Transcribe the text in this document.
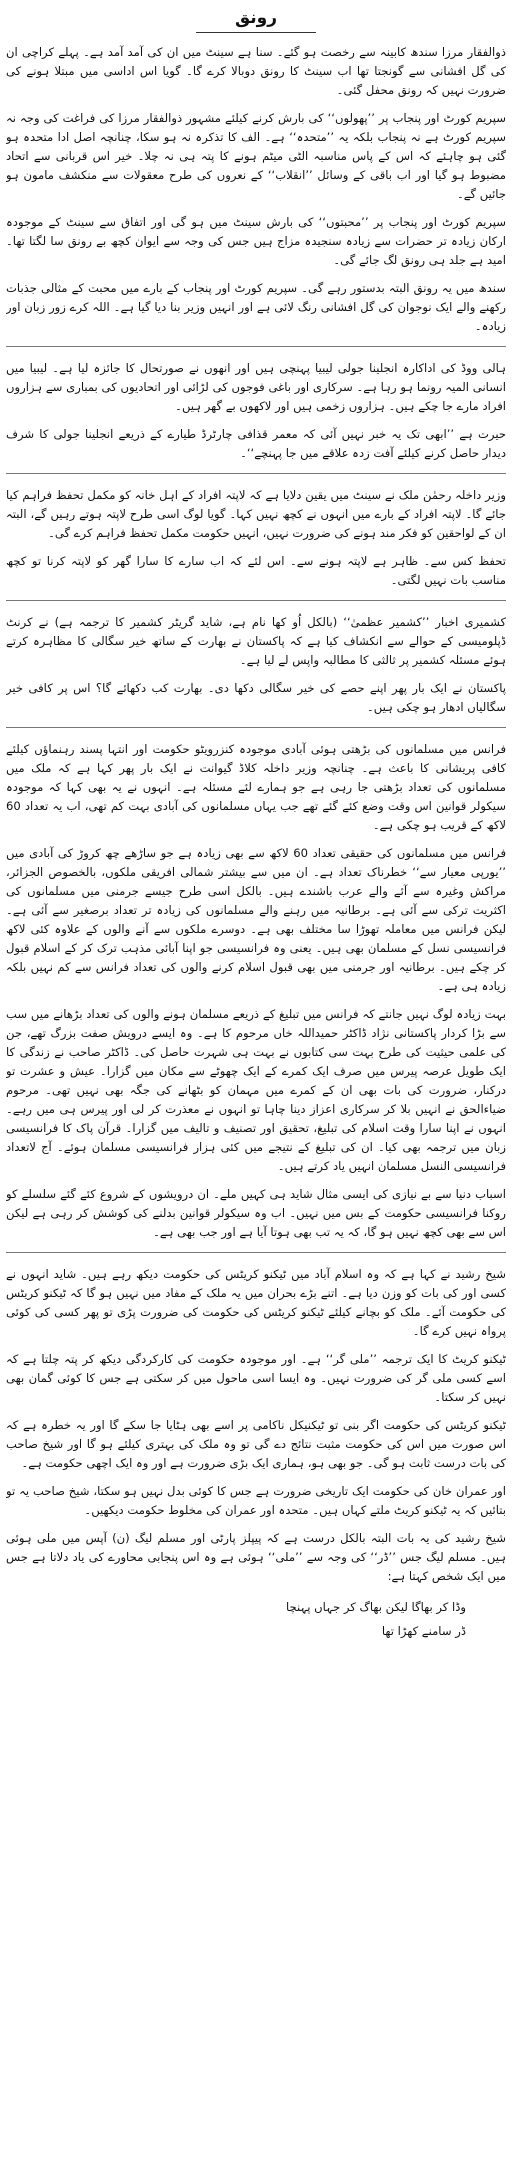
رونق

ذوالفقار مرزا سندھ کابینہ سے رخصت ہو گئے۔ سنا ہے سینٹ میں ان کی آمد آمد ہے۔ پہلے کراچی ان کی گل افشانی سے گونجتا تھا اب سینٹ کا رونق دوبالا کرے گا۔ گویا اس اداسی میں مبتلا ہونے کی ضرورت نہیں کہ رونق محفل گئی۔

سپریم کورٹ اور پنجاب پر ’’پھولوں‘‘ کی بارش کرنے کیلئے مشہور ذوالفقار مرزا کی فراغت کی وجہ نہ سپریم کورٹ ہے نہ پنجاب بلکہ یہ ’’متحدہ‘‘ ہے۔ الف کا تذکرہ نہ ہو سکا، چنانچہ اصل ادا متحدہ ہو گئی ہو چاہئے کہ اس کے پاس مناسبہ الٹی میٹم ہونے کا پتہ ہی نہ چلا۔ خیر اس قربانی سے اتحاد مضبوط ہو گیا اور اب باقی کے وسائل ’’انقلاب‘‘ کے نعروں کی طرح معقولات سے منکشف مامون ہو جائیں گے۔

سپریم کورٹ اور پنجاب پر ’’محبتوں‘‘ کی بارش سینٹ میں ہو گی اور اتفاق سے سینٹ کے موجودہ ارکان زیادہ تر حضرات سے زیادہ سنجیدہ مزاج ہیں جس کی وجہ سے ایوان کچھ بے رونق سا لگتا تھا۔ امید ہے جلد ہی رونق لگ جائے گی۔

سندھ میں یہ رونق البتہ بدستور رہے گی۔ سپریم کورٹ اور پنجاب کے بارے میں محبت کے مثالی جذبات رکھنے والے ایک نوجوان کی گل افشانی رنگ لائی ہے اور انہیں وزیر بنا دیا گیا ہے۔ اللہ کرے زور زبان اور زیادہ۔

ہالی ووڈ کی اداکارہ انجلینا جولی لیبیا پہنچی ہیں اور انھوں نے صورتحال کا جائزہ لیا ہے۔ لیبیا میں انسانی المیہ رونما ہو رہا ہے۔ سرکاری اور باغی فوجوں کی لڑائی اور اتحادیوں کی بمباری سے ہزاروں افراد مارے جا چکے ہیں۔ ہزاروں زخمی ہیں اور لاکھوں بے گھر ہیں۔

حیرت ہے ’’ابھی تک یہ خبر نہیں آئی کہ معمر قذافی چارٹرڈ طیارے کے ذریعے انجلینا جولی کا شرف دیدار حاصل کرنے کیلئے آفت زدہ علاقے میں جا پہنچے‘‘۔

وزیر داخلہ رحمٰن ملک نے سینٹ میں یقین دلایا ہے کہ لاپتہ افراد کے اہل خانہ کو مکمل تحفظ فراہم کیا جائے گا۔ لاپتہ افراد کے بارے میں انہوں نے کچھ نہیں کہا۔ گویا لوگ اسی طرح لاپتہ ہوتے رہیں گے، البتہ ان کے لواحقین کو فکر مند ہونے کی ضرورت نہیں، انہیں حکومت مکمل تحفظ فراہم کرے گی۔

تحفظ کس سے۔ ظاہر ہے لاپتہ ہونے سے۔ اس لئے کہ اب سارے کا سارا گھر کو لاپتہ کرنا تو کچھ مناسب بات نہیں لگتی۔

کشمیری اخبار ’’کشمیر عظمیٰ‘‘ (بالکل اُو کھا نام ہے، شاید گریٹر کشمیر کا ترجمہ ہے) نے کرنٹ ڈپلومیسی کے حوالے سے انکشاف کیا ہے کہ پاکستان نے بھارت کے ساتھ خیر سگالی کا مظاہرہ کرتے ہوئے مسئلہ کشمیر پر ثالثی کا مطالبہ واپس لے لیا ہے۔

پاکستان نے ایک بار پھر اپنے حصے کی خیر سگالی دکھا دی۔ بھارت کب دکھائے گا؟ اس پر کافی خیر سگالیاں ادھار ہو چکی ہیں۔

فرانس میں مسلمانوں کی بڑھتی ہوئی آبادی موجودہ کنزرویٹو حکومت اور انتہا پسند رہنماؤں کیلئے کافی پریشانی کا باعث ہے۔ چنانچہ وزیر داخلہ کلاڈ گیوانت نے ایک بار پھر کہا ہے کہ ملک میں مسلمانوں کی تعداد بڑھتی جا رہی ہے جو ہمارے لئے مسئلہ ہے۔ انہوں نے یہ بھی کہا کہ موجودہ سیکولر قوانین اس وقت وضع کئے گئے تھے جب یہاں مسلمانوں کی آبادی بہت کم تھی، اب یہ تعداد 60 لاکھ کے قریب ہو چکی ہے۔

فرانس میں مسلمانوں کی حقیقی تعداد 60 لاکھ سے بھی زیادہ ہے جو ساڑھے چھ کروڑ کی آبادی میں ’’یورپی معیار سے‘‘ خطرناک تعداد ہے۔ ان میں سے بیشتر شمالی افریقی ملکوں، بالخصوص الجزائر، مراکش وغیرہ سے آئے والے عرب باشندے ہیں۔ بالکل اسی طرح جیسے جرمنی میں مسلمانوں کی اکثریت ترکی سے آئی ہے۔ برطانیہ میں رہنے والے مسلمانوں کی زیادہ تر تعداد برصغیر سے آئی ہے۔ لیکن فرانس میں معاملہ تھوڑا سا مختلف بھی ہے۔ دوسرے ملکوں سے آنے والوں کے علاوہ کئی لاکھ فرانسیسی نسل کے مسلمان بھی ہیں۔ یعنی وہ فرانسیسی جو اپنا آبائی مذہب ترک کر کے اسلام قبول کر چکے ہیں۔ برطانیہ اور جرمنی میں بھی قبول اسلام کرنے والوں کی تعداد فرانس سے کم نہیں بلکہ زیادہ ہی ہے۔

بہت زیادہ لوگ نہیں جانتے کہ فرانس میں تبلیغ کے ذریعے مسلمان ہونے والوں کی تعداد بڑھانے میں سب سے بڑا کردار پاکستانی نژاد ڈاکٹر حمیداللہ خاں مرحوم کا ہے۔ وہ ایسے درویش صفت بزرگ تھے، جن کی علمی حیثیت کی طرح بہت سی کتابوں نے بہت ہی شہرت حاصل کی۔ ڈاکٹر صاحب نے زندگی کا ایک طویل عرصہ پیرس میں صرف ایک کمرے کے ایک چھوٹے سے مکان میں گزارا۔ عیش و عشرت تو درکنار، ضرورت کی بات بھی ان کے کمرے میں مہمان کو بٹھانے کی جگہ بھی نہیں تھی۔ مرحوم ضیاءالحق نے انہیں بلا کر سرکاری اعزاز دینا چاہا تو انہوں نے معذرت کر لی اور پیرس ہی میں رہے۔ انہوں نے اپنا سارا وقت اسلام کی تبلیغ، تحقیق اور تصنیف و تالیف میں گزارا۔ قرآن پاک کا فرانسیسی زبان میں ترجمہ بھی کیا۔ ان کی تبلیغ کے نتیجے میں کئی ہزار فرانسیسی مسلمان ہوئے۔ آج لاتعداد فرانسیسی النسل مسلمان انہیں یاد کرتے ہیں۔

اسباب دنیا سے بے نیازی کی ایسی مثال شاید ہی کہیں ملے۔ ان درویشوں کے شروع کئے گئے سلسلے کو روکنا فرانسیسی حکومت کے بس میں نہیں۔ اب وہ سیکولر قوانین بدلنے کی کوشش کر رہی ہے لیکن اس سے بھی کچھ نہیں ہو گا، کہ یہ تب بھی ہوتا آیا ہے اور جب بھی ہے۔

شیخ رشید نے کہا ہے کہ وہ اسلام آباد میں ٹیکنو کریٹس کی حکومت دیکھ رہے ہیں۔ شاید انہوں نے کسی اور کی بات کو وزن دیا ہے۔ اتنے بڑے بحران میں یہ ملک کے مفاد میں نہیں ہو گا کہ ٹیکنو کریٹس کی حکومت آئے۔ ملک کو بچانے کیلئے ٹیکنو کریٹس کی حکومت کی ضرورت پڑی تو پھر کسی کی کوئی پرواہ نہیں کرے گا۔

ٹیکنو کریٹ کا ایک ترجمہ ’’ملی گر‘‘ ہے۔ اور موجودہ حکومت کی کارکردگی دیکھ کر پتہ چلتا ہے کہ اسے کسی ملی گر کی ضرورت نہیں۔ وہ ایسا اسی ماحول میں کر سکتی ہے جس کا کوئی گمان بھی نہیں کر سکتا۔

ٹیکنو کریٹس کی حکومت اگر بنی تو ٹیکنیکل ناکامی پر اسے بھی ہٹایا جا سکے گا اور یہ خطرہ ہے کہ اس صورت میں اس کی حکومت مثبت نتائج دے گی تو وہ ملک کی بہتری کیلئے ہو گا اور شیخ صاحب کی بات درست ثابت ہو گی۔ جو بھی ہو، ہماری ایک بڑی ضرورت ہے اور وہ ایک اچھی حکومت ہے۔

اور عمران خان کی حکومت ایک تاریخی ضرورت ہے جس کا کوئی بدل نہیں ہو سکتا، شیخ صاحب یہ تو بتائیں کہ یہ ٹیکنو کریٹ ملتے کہاں ہیں۔ متحدہ اور عمران کی مخلوط حکومت دیکھیں۔

شیخ رشید کی یہ بات البتہ بالکل درست ہے کہ پیپلز پارٹی اور مسلم لیگ (ن) آپس میں ملی ہوئی ہیں۔ مسلم لیگ جس ’’ڈر‘‘ کی وجہ سے ’’ملی‘‘ ہوئی ہے وہ اس پنجابی محاورے کی یاد دلاتا ہے جس میں ایک شخص کہتا ہے:

وڈا کر بھاگا لیکن بھاگ کر جہاں پہنچا
ڈر سامنے کھڑا تھا
